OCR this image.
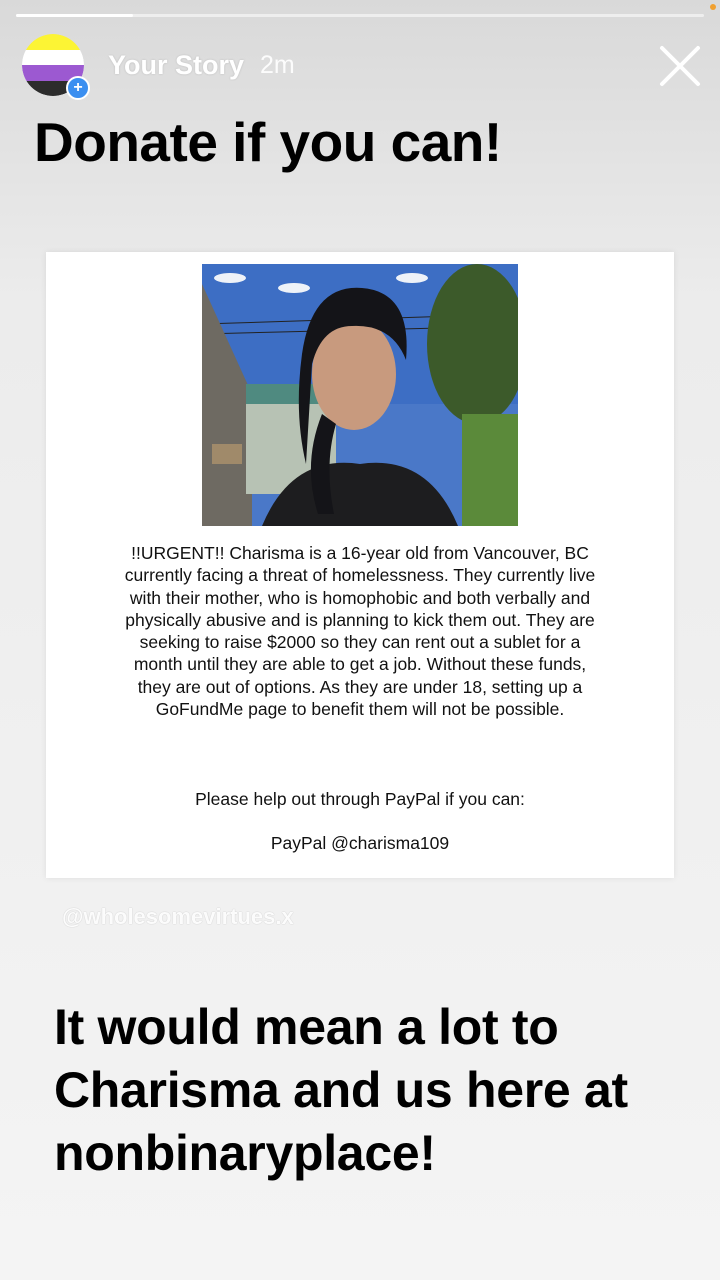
Your Story 2m
+
Donate if you can!
!!URGENT!! Charisma is a 16-year old from Vancouver, BC currently facing a threat of homelessness. They currently live with their mother, who is homophobic and both verbally and physically abusive and is planning to kick them out. They are seeking to raise $2000 so they can rent out a sublet for a month until they are able to get a job. Without these funds, they are out of options. As they are under 18, setting up a GoFundMe page to benefit them will not be possible.
Please help out through PayPal if you can:
PayPal @charisma109
@wholesomevirtues.x
It would mean a lot to Charisma and us here at nonbinaryplace!
